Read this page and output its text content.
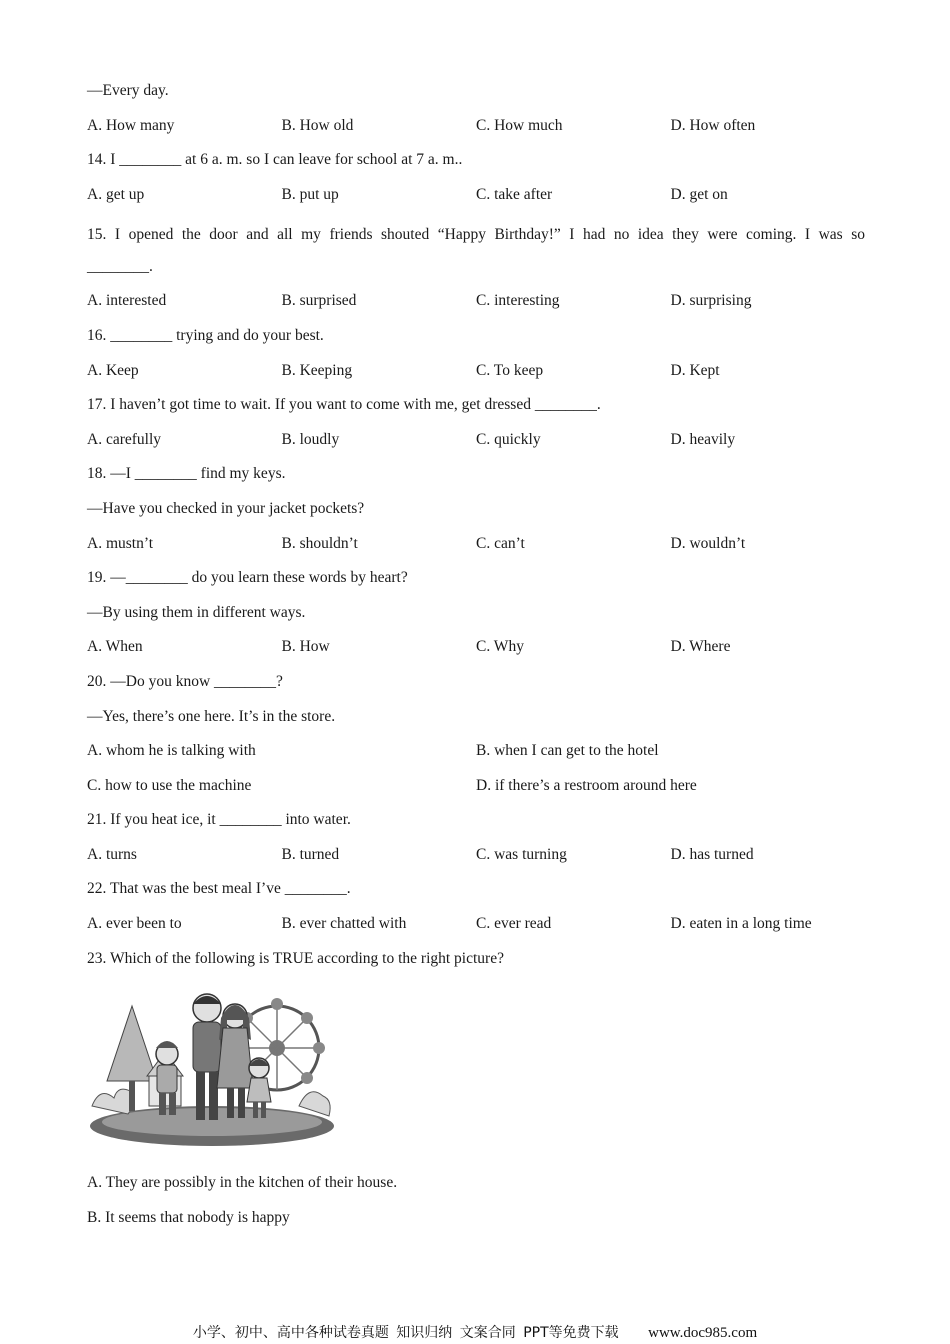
—Every day.
A. How many	B. How old	C. How much	D. How often
14. I ________ at 6 a. m. so I can leave for school at 7 a. m..
A. get up	B. put up	C. take after	D. get on
15. I opened the door and all my friends shouted “Happy Birthday!” I had no idea they were coming. I was so
________.
A. interested	B. surprised	C. interesting	D. surprising
16. ________ trying and do your best.
A. Keep	B. Keeping	C. To keep	D. Kept
17. I haven’t got time to wait. If you want to come with me, get dressed ________.
A. carefully	B. loudly	C. quickly	D. heavily
18. —I ________ find my keys.
—Have you checked in your jacket pockets?
A. mustn’t	B. shouldn’t	C. can’t	D. wouldn’t
19. —________ do you learn these words by heart?
—By using them in different ways.
A. When	B. How	C. Why	D. Where
20. —Do you know ________?
—Yes, there’s one here. It’s in the store.
A. whom he is talking with	B. when I can get to the hotel
C. how to use the machine	D. if there’s a restroom around here
21. If you heat ice, it ________ into water.
A. turns	B. turned	C. was turning	D. has turned
22. That was the best meal I’ve ________.
A. ever been to	B. ever chatted with	C. ever read	D. eaten in a long time
23. Which of the following is TRUE according to the right picture?
A. They are possibly in the kitchen of their house.
B. It seems that nobody is happy
小学、初中、高中各种试卷真题 知识归纳 文案合同 PPT等免费下载 www.doc985.com
